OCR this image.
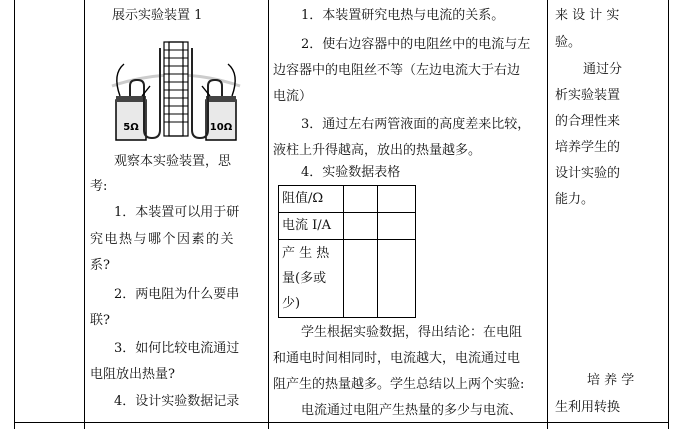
展示实验装置 1
5Ω	10Ω
观察本实验装置，思
考:
1．本装置可以用于研
究电热与哪个因素的关
系?
2．两电阻为什么要串
联?
3．如何比较电流通过
电阻放出热量?
4．设计实验数据记录
1．本装置研究电热与电流的关系。
2．使右边容器中的电阻丝中的电流与左
边容器中的电阻丝不等（左边电流大于右边
电流）
3．通过左右两管液面的高度差来比较，
液柱上升得越高，放出的热量越多。
4．实验数据表格
阻值/Ω		
电流 I/A		

产 生 热
量(多或
少)		

学生根据实验数据，得出结论：在电阻
和通电时间相同时，电流越大，电流通过电
阻产生的热量越多。学生总结以上两个实验:
电流通过电阻产生热量的多少与电流、
来 设 计 实
验。
通过分
析实验装置
的合理性来
培养学生的
设计实验的
能力。
培 养 学
生利用转换
